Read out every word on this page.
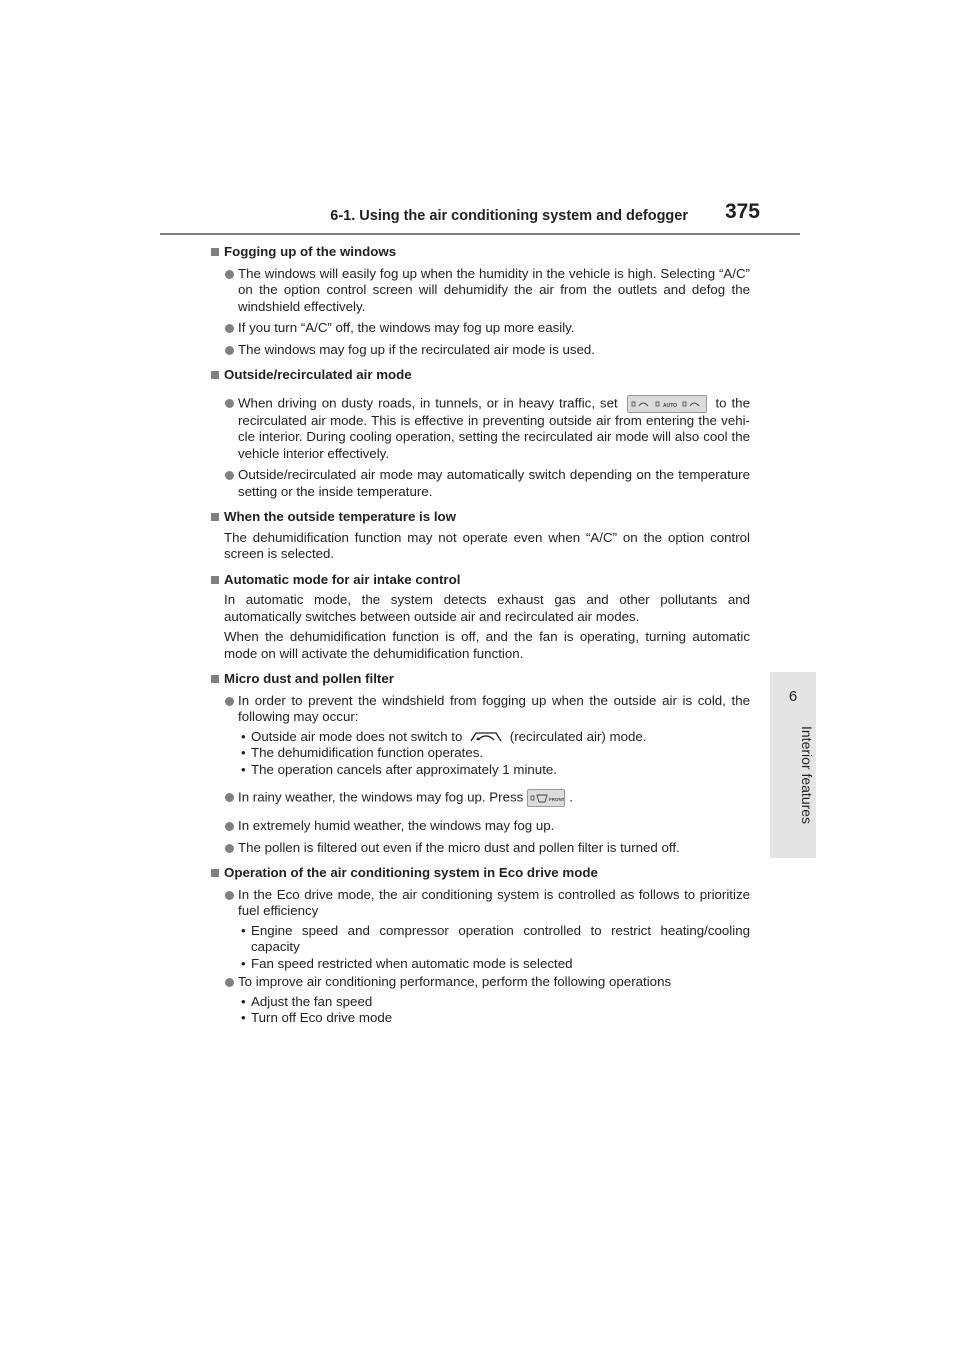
6-1. Using the air conditioning system and defogger 375
6
Interior features
Fogging up of the windows
The windows will easily fog up when the humidity in the vehicle is high. Selecting “A/C” on the option control screen will dehumidify the air from the outlets and defog the windshield effectively.
If you turn “A/C” off, the windows may fog up more easily.
The windows may fog up if the recirculated air mode is used.
Outside/recirculated air mode
When driving on dusty roads, in tunnels, or in heavy traffic, set	AUTO	to the recirculated air mode. This is effective in preventing outside air from entering the vehi- cle interior. During cooling operation, setting the recirculated air mode will also cool the vehicle interior effectively.
Outside/recirculated air mode may automatically switch depending on the temperature setting or the inside temperature.
When the outside temperature is low
The dehumidification function may not operate even when “A/C” on the option control screen is selected.
Automatic mode for air intake control
In automatic mode, the system detects exhaust gas and other pollutants and automatically switches between outside air and recirculated air modes.
When the dehumidification function is off, and the fan is operating, turning automatic mode on will activate the dehumidification function.
Micro dust and pollen filter
In order to prevent the windshield from fogging up when the outside air is cold, the following may occur:
• Outside air mode does not switch to	(recirculated air) mode.
• The dehumidification function operates.
• The operation cancels after approximately 1 minute.
In rainy weather, the windows may fog up. Press	FRONT .
In extremely humid weather, the windows may fog up.
The pollen is filtered out even if the micro dust and pollen filter is turned off.
Operation of the air conditioning system in Eco drive mode
In the Eco drive mode, the air conditioning system is controlled as follows to prioritize fuel efficiency
• Engine speed and compressor operation controlled to restrict heating/cooling capacity
• Fan speed restricted when automatic mode is selected
To improve air conditioning performance, perform the following operations
• Adjust the fan speed
• Turn off Eco drive mode
